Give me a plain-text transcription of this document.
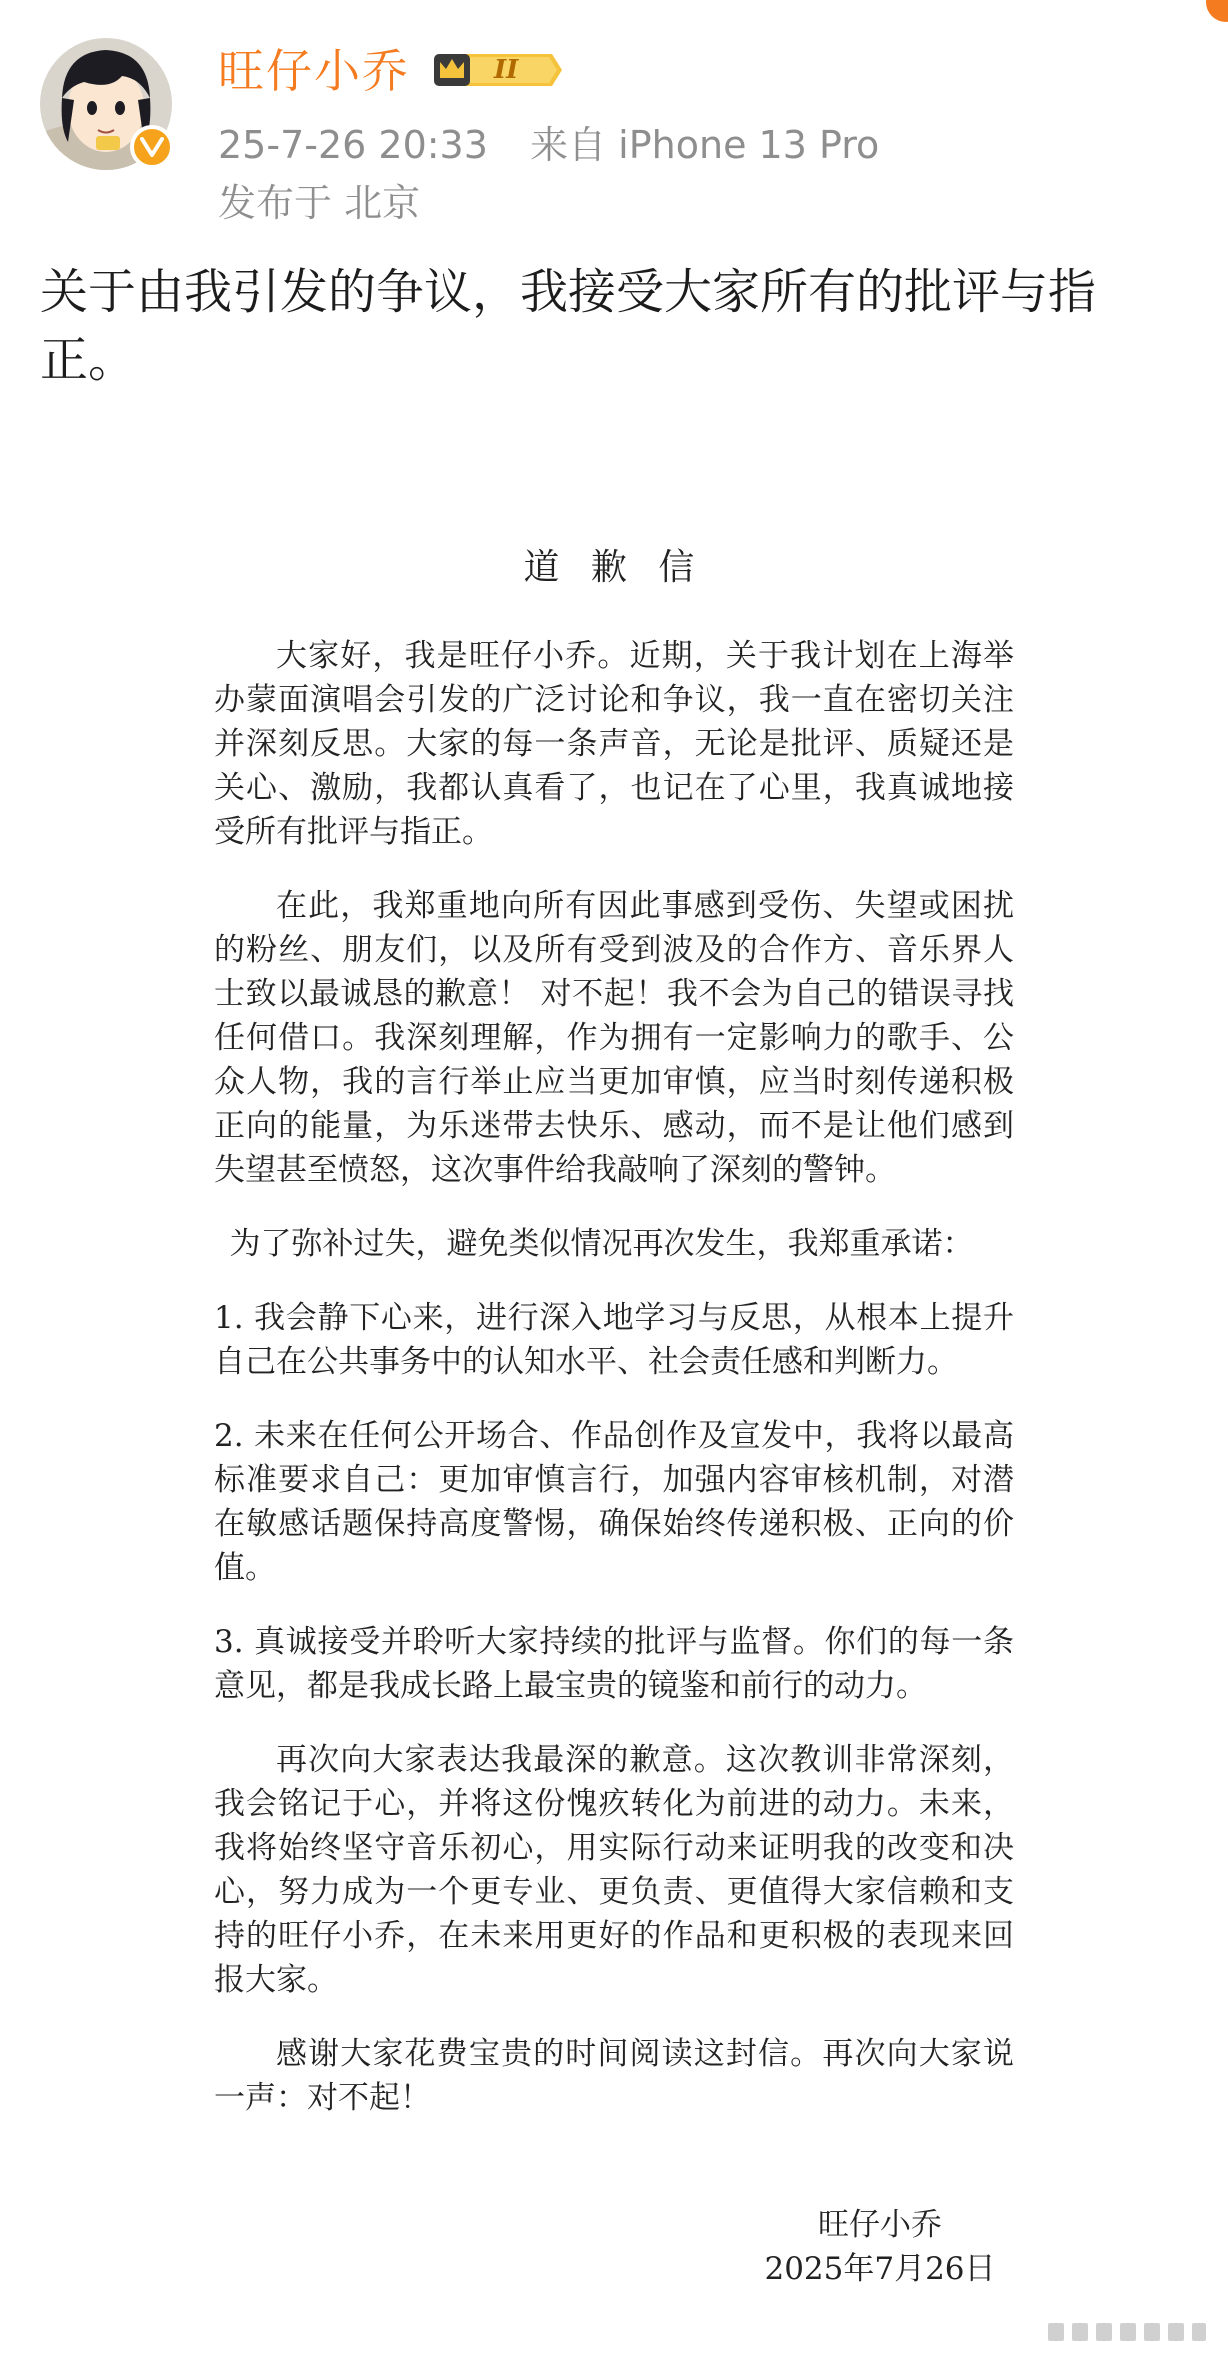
旺仔小乔	II
25-7-26 20:33 来自 iPhone 13 Pro
发布于 北京
关于由我引发的争议，我接受大家所有的批评与指正。
道 歉 信

大家好，我是旺仔小乔。近期，关于我计划在上海举办蒙面演唱会引发的广泛讨论和争议，我一直在密切关注并深刻反思。大家的每一条声音，无论是批评、质疑还是关心、激励，我都认真看了，也记在了心里，我真诚地接受所有批评与指正。

在此，我郑重地向所有因此事感到受伤、失望或困扰的粉丝、朋友们，以及所有受到波及的合作方、音乐界人士致以最诚恳的歉意！ 对不起！我不会为自己的错误寻找任何借口。我深刻理解，作为拥有一定影响力的歌手、公众人物，我的言行举止应当更加审慎，应当时刻传递积极正向的能量，为乐迷带去快乐、感动，而不是让他们感到失望甚至愤怒，这次事件给我敲响了深刻的警钟。

为了弥补过失，避免类似情况再次发生，我郑重承诺：

1. 我会静下心来，进行深入地学习与反思，从根本上提升自己在公共事务中的认知水平、社会责任感和判断力。

2. 未来在任何公开场合、作品创作及宣发中，我将以最高标准要求自己：更加审慎言行，加强内容审核机制，对潜在敏感话题保持高度警惕，确保始终传递积极、正向的价值。

3. 真诚接受并聆听大家持续的批评与监督。你们的每一条意见，都是我成长路上最宝贵的镜鉴和前行的动力。

再次向大家表达我最深的歉意。这次教训非常深刻，我会铭记于心，并将这份愧疚转化为前进的动力。未来，我将始终坚守音乐初心，用实际行动来证明我的改变和决心，努力成为一个更专业、更负责、更值得大家信赖和支持的旺仔小乔，在未来用更好的作品和更积极的表现来回报大家。

感谢大家花费宝贵的时间阅读这封信。再次向大家说一声：对不起！

旺仔小乔
2025年7月26日
